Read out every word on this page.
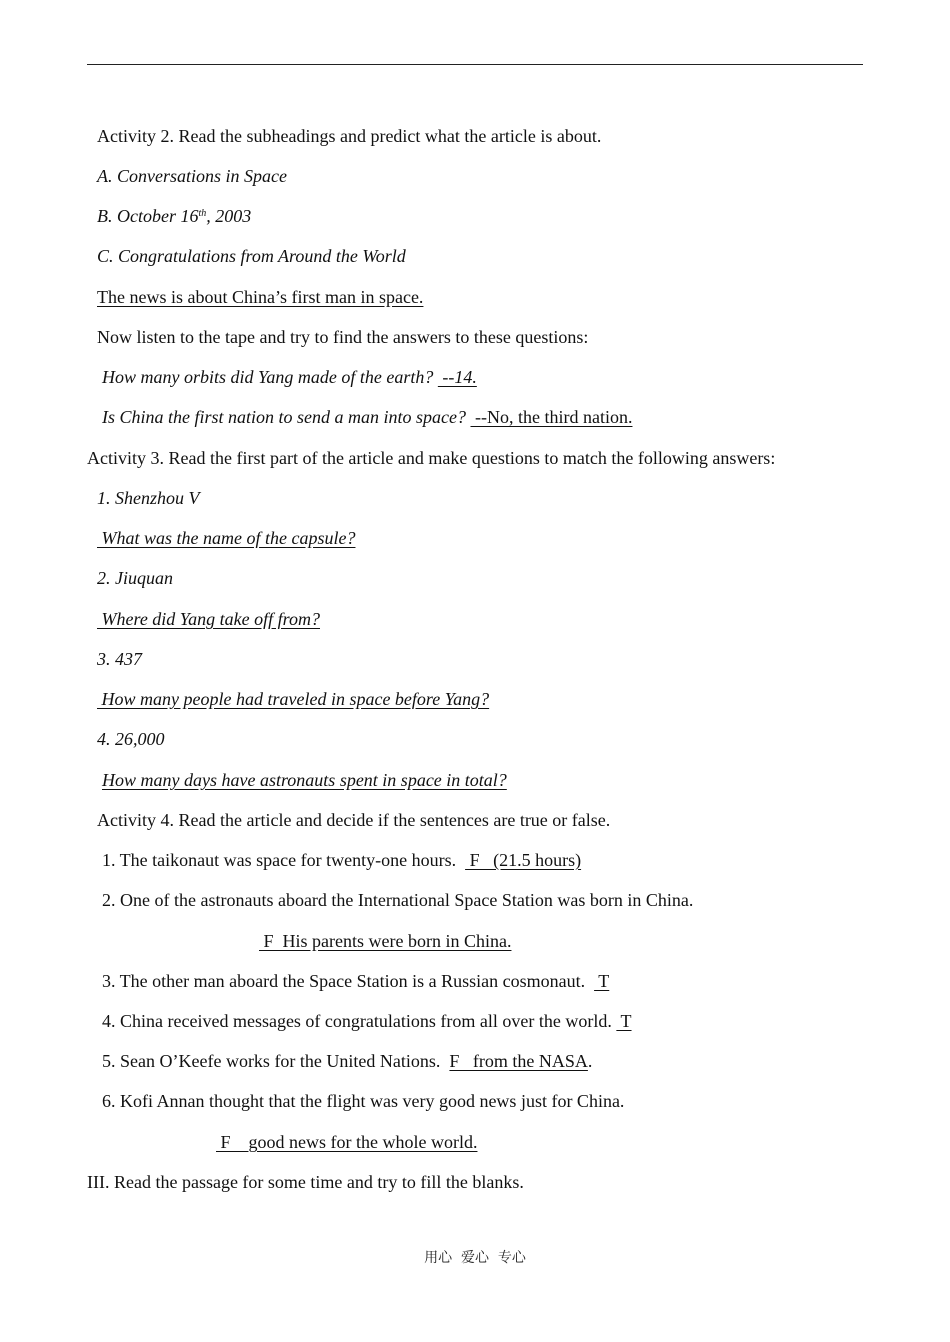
Activity 2. Read the subheadings and predict what the article is about.
A. Conversations in Space
B. October 16th, 2003
C. Congratulations from Around the World
The news is about China’s first man in space.
Now listen to the tape and try to find the answers to these questions:
How many orbits did Yang made of the earth?  --14.
Is China the first nation to send a man into space?  --No, the third nation.
Activity 3. Read the first part of the article and make questions to match the following answers:
1. Shenzhou V
What was the name of the capsule?
2. Jiuquan
Where did Yang take off from?
3. 437
How many people had traveled in space before Yang?
4. 26,000
How many days have astronauts spent in space in total?
Activity 4. Read the article and decide if the sentences are true or false.
1. The taikonaut was space for twenty-one hours.   F   (21.5 hours)
2. One of the astronauts aboard the International Space Station was born in China.
F  His parents were born in China.
3. The other man aboard the Space Station is a Russian cosmonaut.   T
4. China received messages of congratulations from all over the world.  T
5. Sean O’Keefe works for the United Nations. F   from the NASA.
6. Kofi Annan thought that the flight was very good news just for China.
F    good news for the whole world.
III. Read the passage for some time and try to fill the blanks.
用心  爱心  专心
